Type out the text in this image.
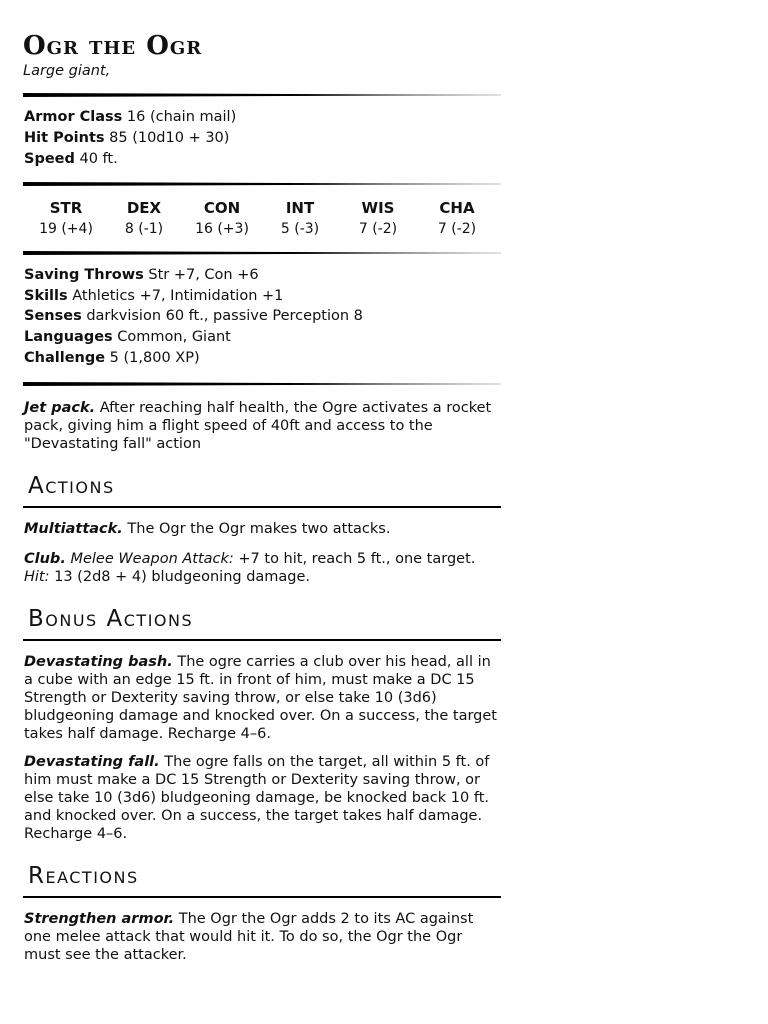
Ogr the Ogr
Large giant,
Armor Class 16 (chain mail)
Hit Points 85 (10d10 + 30)
Speed 40 ft.
STR
19 (+4)
DEX
8 (-1)
CON
16 (+3)
INT
5 (-3)
WIS
7 (-2)
CHA
7 (-2)
Saving Throws Str +7, Con +6
Skills Athletics +7, Intimidation +1
Senses darkvision 60 ft., passive Perception 8
Languages Common, Giant
Challenge 5 (1,800 XP)
Jet pack. After reaching half health, the Ogre activates a rocket pack, giving him a flight speed of 40ft and access to the "Devastating fall" action
Actions
Multiattack. The Ogr the Ogr makes two attacks.
Club. Melee Weapon Attack: +7 to hit, reach 5 ft., one target. Hit: 13 (2d8 + 4) bludgeoning damage.
Bonus Actions
Devastating bash. The ogre carries a club over his head, all in a cube with an edge 15 ft. in front of him, must make a DC 15 Strength or Dexterity saving throw, or else take 10 (3d6) bludgeoning damage and knocked over. On a success, the target takes half damage. Recharge 4–6.
Devastating fall. The ogre falls on the target, all within 5 ft. of him must make a DC 15 Strength or Dexterity saving throw, or else take 10 (3d6) bludgeoning damage, be knocked back 10 ft. and knocked over. On a success, the target takes half damage. Recharge 4–6.
Reactions
Strengthen armor. The Ogr the Ogr adds 2 to its AC against one melee attack that would hit it. To do so, the Ogr the Ogr must see the attacker.
